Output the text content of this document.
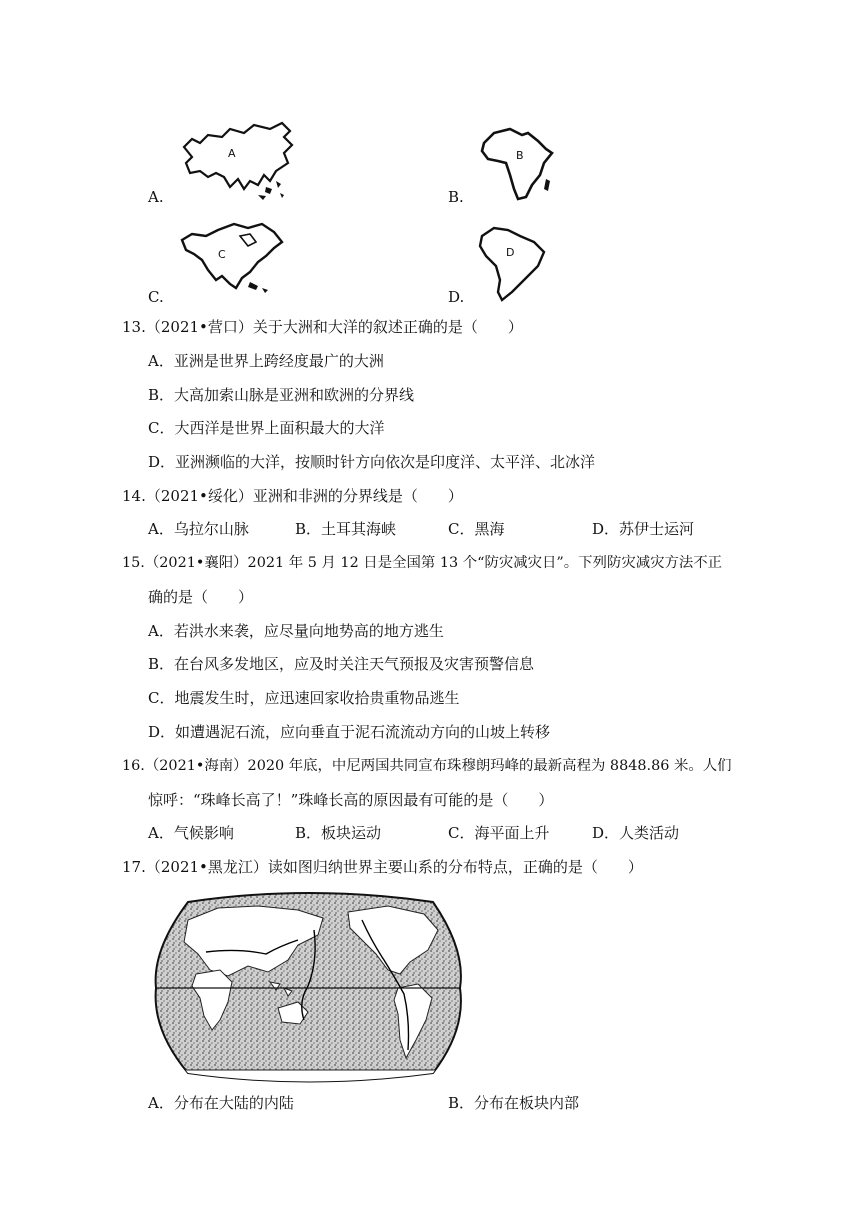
A.
A
B.
B
C.
C
D.
D
13.（2021•营口）关于大洲和大洋的叙述正确的是（　　）
A．亚洲是世界上跨经度最广的大洲
B．大高加索山脉是亚洲和欧洲的分界线
C．大西洋是世界上面积最大的大洋
D．亚洲濒临的大洋，按顺时针方向依次是印度洋、太平洋、北冰洋
14.（2021•绥化）亚洲和非洲的分界线是（　　）
A．乌拉尔山脉	B．土耳其海峡	C．黑海	D．苏伊士运河
15.（2021•襄阳）2021 年 5 月 12 日是全国第 13 个“防灾减灾日”。下列防灾减灾方法不正
确的是（　　）
A．若洪水来袭，应尽量向地势高的地方逃生
B．在台风多发地区，应及时关注天气预报及灾害预警信息
C．地震发生时，应迅速回家收拾贵重物品逃生
D．如遭遇泥石流，应向垂直于泥石流流动方向的山坡上转移
16.（2021•海南）2020 年底，中尼两国共同宣布珠穆朗玛峰的最新高程为 8848.86 米。人们
惊呼：“珠峰长高了！”珠峰长高的原因最有可能的是（　　）
A．气候影响	B．板块运动	C．海平面上升	D．人类活动
17.（2021•黑龙江）读如图归纳世界主要山系的分布特点，正确的是（　　）
A．分布在大陆的内陆	B．分布在板块内部
